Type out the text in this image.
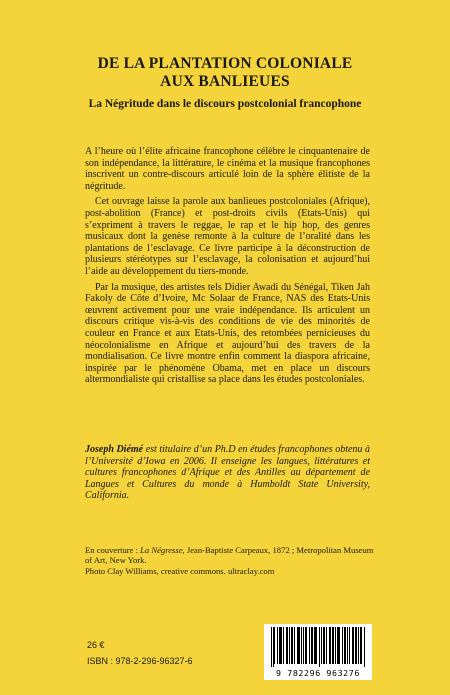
DE LA PLANTATION COLONIALE
AUX BANLIEUES
La Négritude dans le discours postcolonial francophone

A l’heure où l’élite africaine francophone célèbre le cinquantenaire de son indépendance, la littérature, le cinéma et la musique francophones inscrivent un contre-discours articulé loin de la sphère élitiste de la négritude.

Cet ouvrage laisse la parole aux banlieues postcoloniales (Afrique), post-abolition (France) et post-droits civils (Etats-Unis) qui s’expriment à travers le reggae, le rap et le hip hop, des genres musicaux dont la genèse remonte à la culture de l’oralité dans les plantations de l’esclavage. Ce livre participe à la déconstruction de plusieurs stéréotypes sur l’esclavage, la colonisation et aujourd’hui l’aide au développement du tiers-monde.

Par la musique, des artistes tels Didier Awadi du Sénégal, Tiken Jah Fakoly de Côte d’Ivoire, Mc Solaar de France, NAS des Etats-Unis œuvrent activement pour une vraie indépendance. Ils articulent un discours critique vis-à-vis des conditions de vie des minorités de couleur en France et aux Etats-Unis, des retombées pernicieuses du néocolonialisme en Afrique et aujourd’hui des travers de la mondialisation. Ce livre montre enfin comment la diaspora africaine, inspirée par le phénomène Obama, met en place un discours altermondialiste qui cristallise sa place dans les études postcoloniales.

Joseph Diémé est titulaire d’un Ph.D en études francophones obtenu à l’Université d’Iowa en 2006. Il enseigne les langues, littératures et cultures francophones d’Afrique et des Antilles au département de Langues et Cultures du monde à Humboldt State University, California.
En couverture : La Négresse, Jean-Baptiste Carpeaux, 1872 ; Metropolitan Museum of Art, New York.
Photo Clay Williams, creative commons. ultraclay.com
26 €
ISBN : 978-2-296-96327-6
9 782296 963276
